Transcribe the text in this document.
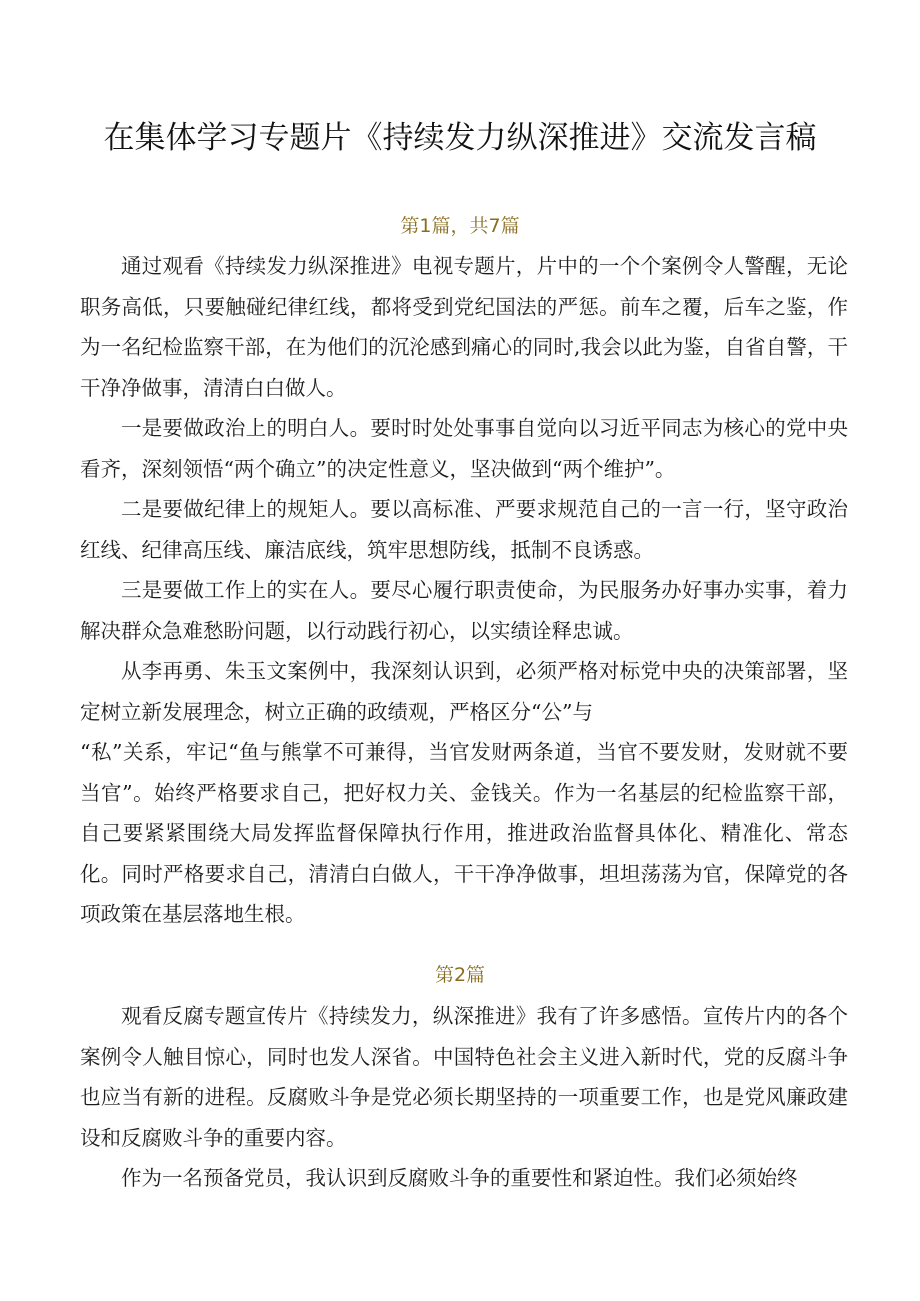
在集体学习专题片《持续发力纵深推进》交流发言稿
第1篇，共7篇

通过观看《持续发力纵深推进》电视专题片，片中的一个个案例令人警醒，无论职务高低，只要触碰纪律红线，都将受到党纪国法的严惩。前车之覆，后车之鉴，作为一名纪检监察干部，在为他们的沉沦感到痛心的同时,我会以此为鉴，自省自警，干干净净做事，清清白白做人。

一是要做政治上的明白人。要时时处处事事自觉向以习近平同志为核心的党中央看齐，深刻领悟“两个确立”的决定性意义，坚决做到“两个维护”。

二是要做纪律上的规矩人。要以高标准、严要求规范自己的一言一行，坚守政治红线、纪律高压线、廉洁底线，筑牢思想防线，抵制不良诱惑。

三是要做工作上的实在人。要尽心履行职责使命，为民服务办好事办实事，着力解决群众急难愁盼问题，以行动践行初心，以实绩诠释忠诚。

从李再勇、朱玉文案例中，我深刻认识到，必须严格对标党中央的决策部署，坚定树立新发展理念，树立正确的政绩观，严格区分“公”与

“私”关系，牢记“鱼与熊掌不可兼得，当官发财两条道，当官不要发财，发财就不要当官”。始终严格要求自己，把好权力关、金钱关。作为一名基层的纪检监察干部，自己要紧紧围绕大局发挥监督保障执行作用，推进政治监督具体化、精准化、常态化。同时严格要求自己，清清白白做人，干干净净做事，坦坦荡荡为官，保障党的各项政策在基层落地生根。

第2篇

观看反腐专题宣传片《持续发力，纵深推进》我有了许多感悟。宣传片内的各个案例令人触目惊心，同时也发人深省。中国特色社会主义进入新时代，党的反腐斗争也应当有新的进程。反腐败斗争是党必须长期坚持的一项重要工作，也是党风廉政建设和反腐败斗争的重要内容。

作为一名预备党员，我认识到反腐败斗争的重要性和紧迫性。我们必须始终
